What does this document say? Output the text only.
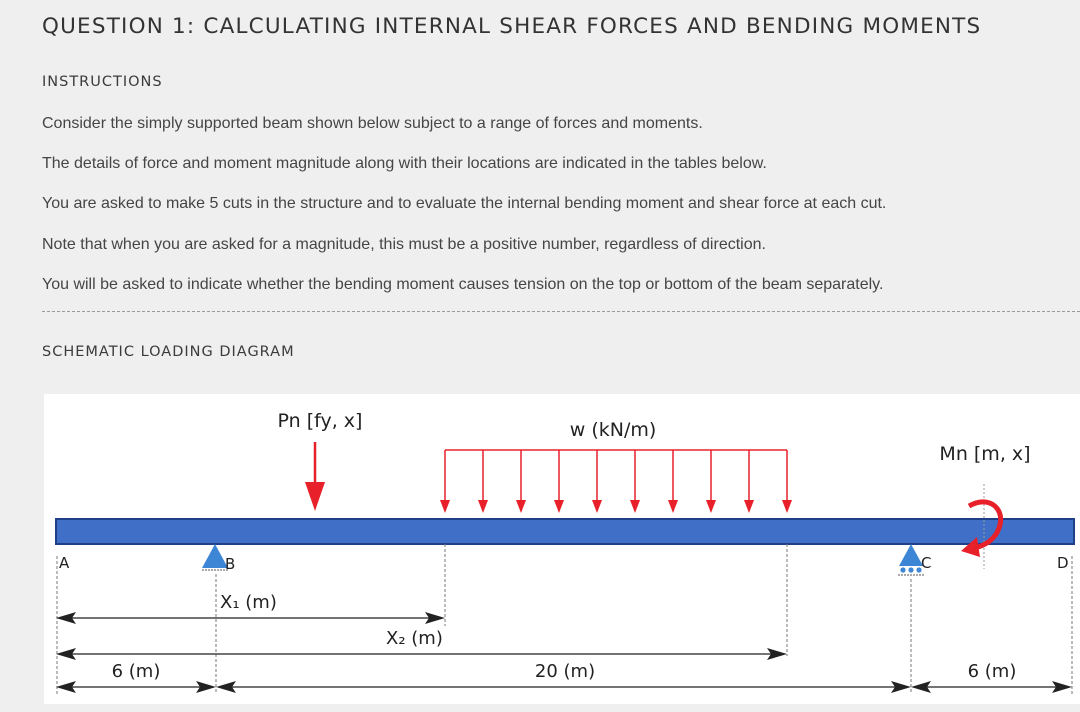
QUESTION 1: CALCULATING INTERNAL SHEAR FORCES AND BENDING MOMENTS
INSTRUCTIONS

Consider the simply supported beam shown below subject to a range of forces and moments.

The details of force and moment magnitude along with their locations are indicated in the tables below.

You are asked to make 5 cuts in the structure and to evaluate the internal bending moment and shear force at each cut.

Note that when you are asked for a magnitude, this must be a positive number, regardless of direction.

You will be asked to indicate whether the bending moment causes tension on the top or bottom of the beam separately.

SCHEMATIC LOADING DIAGRAM
Pn [fy, x]	w (kN/m)
Mn [m, x]
A	B	C	D
X₁ (m)
X₂ (m)
6 (m)	20 (m)	6 (m)
